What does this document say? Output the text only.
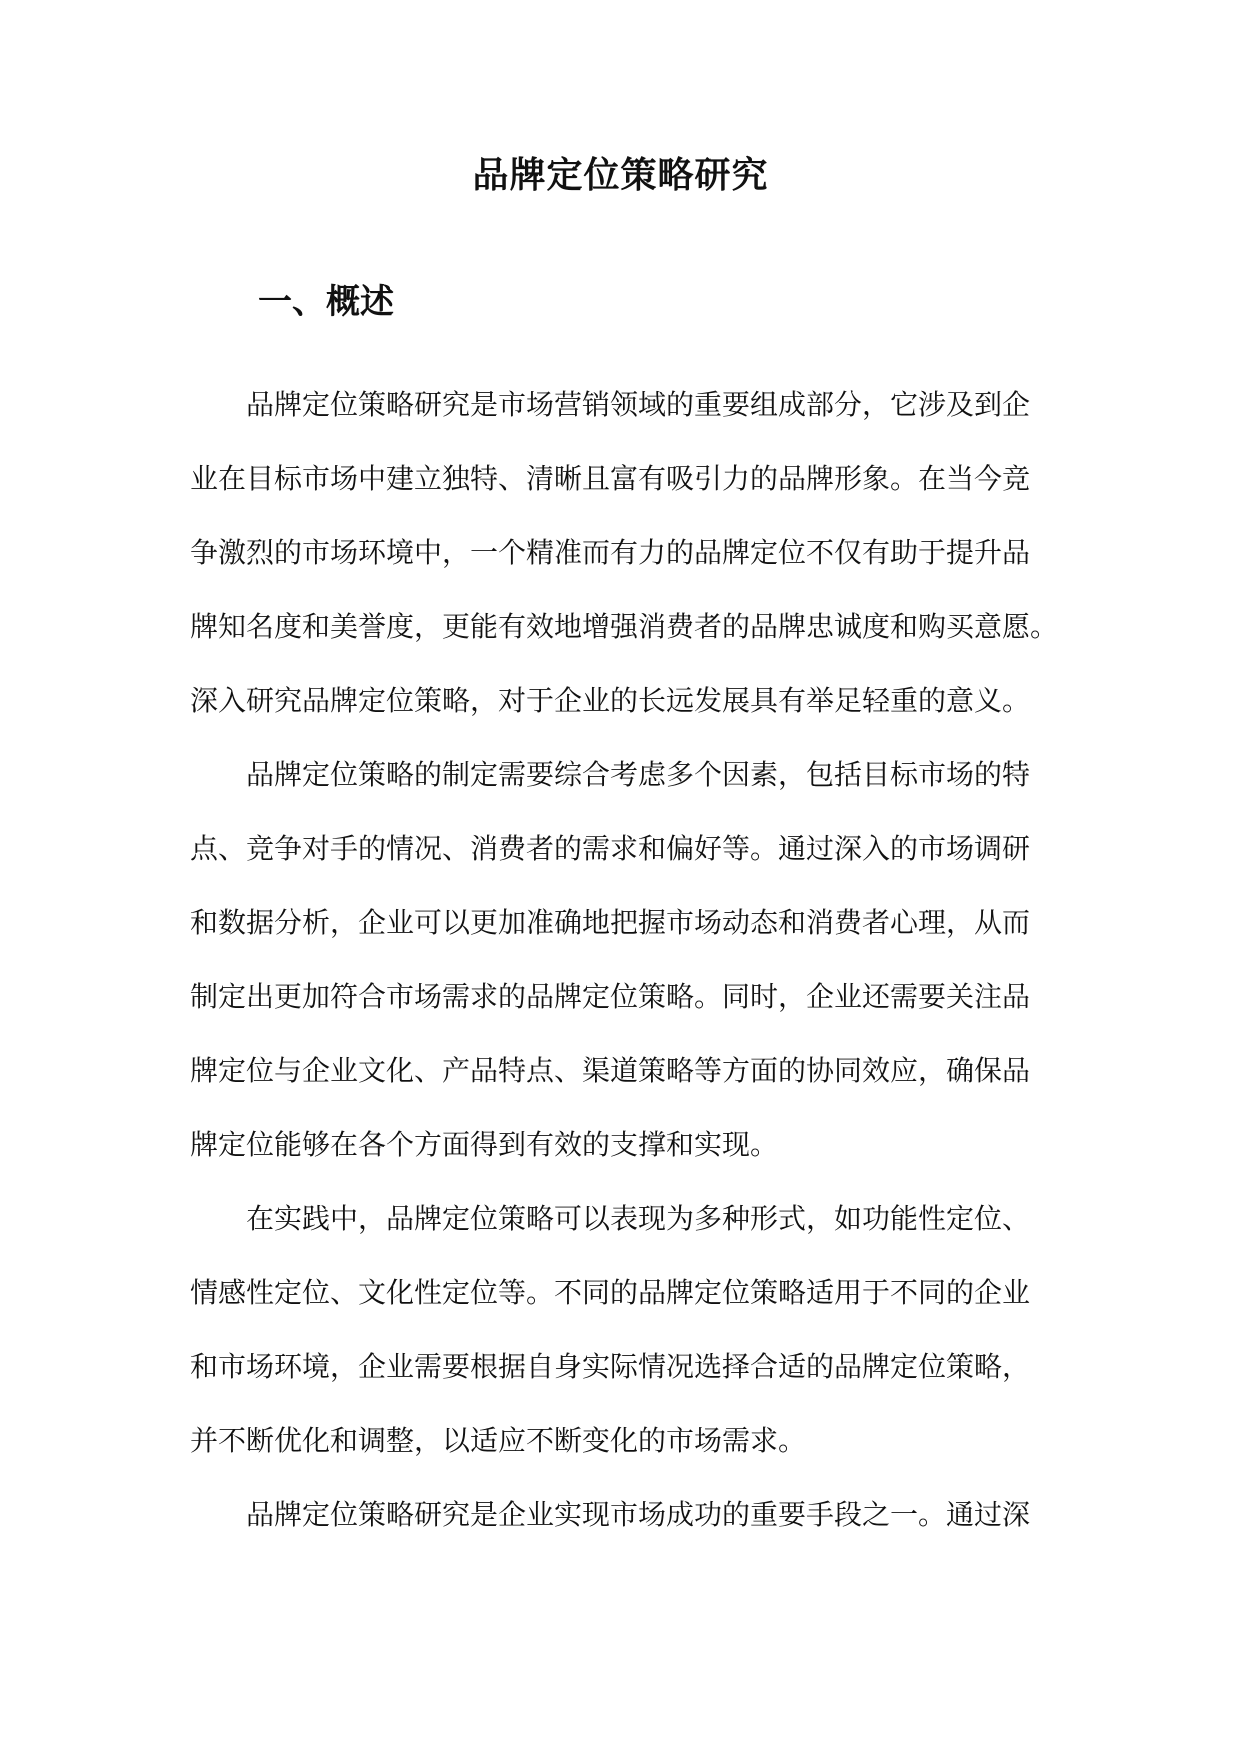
品牌定位策略研究
一、概述
品牌定位策略研究是市场营销领域的重要组成部分，它涉及到企
业在目标市场中建立独特、清晰且富有吸引力的品牌形象。在当今竞
争激烈的市场环境中，一个精准而有力的品牌定位不仅有助于提升品
牌知名度和美誉度，更能有效地增强消费者的品牌忠诚度和购买意愿。
深入研究品牌定位策略，对于企业的长远发展具有举足轻重的意义。
品牌定位策略的制定需要综合考虑多个因素，包括目标市场的特
点、竞争对手的情况、消费者的需求和偏好等。通过深入的市场调研
和数据分析，企业可以更加准确地把握市场动态和消费者心理，从而
制定出更加符合市场需求的品牌定位策略。同时，企业还需要关注品
牌定位与企业文化、产品特点、渠道策略等方面的协同效应，确保品
牌定位能够在各个方面得到有效的支撑和实现。
在实践中，品牌定位策略可以表现为多种形式，如功能性定位、
情感性定位、文化性定位等。不同的品牌定位策略适用于不同的企业
和市场环境，企业需要根据自身实际情况选择合适的品牌定位策略，
并不断优化和调整，以适应不断变化的市场需求。
品牌定位策略研究是企业实现市场成功的重要手段之一。通过深
